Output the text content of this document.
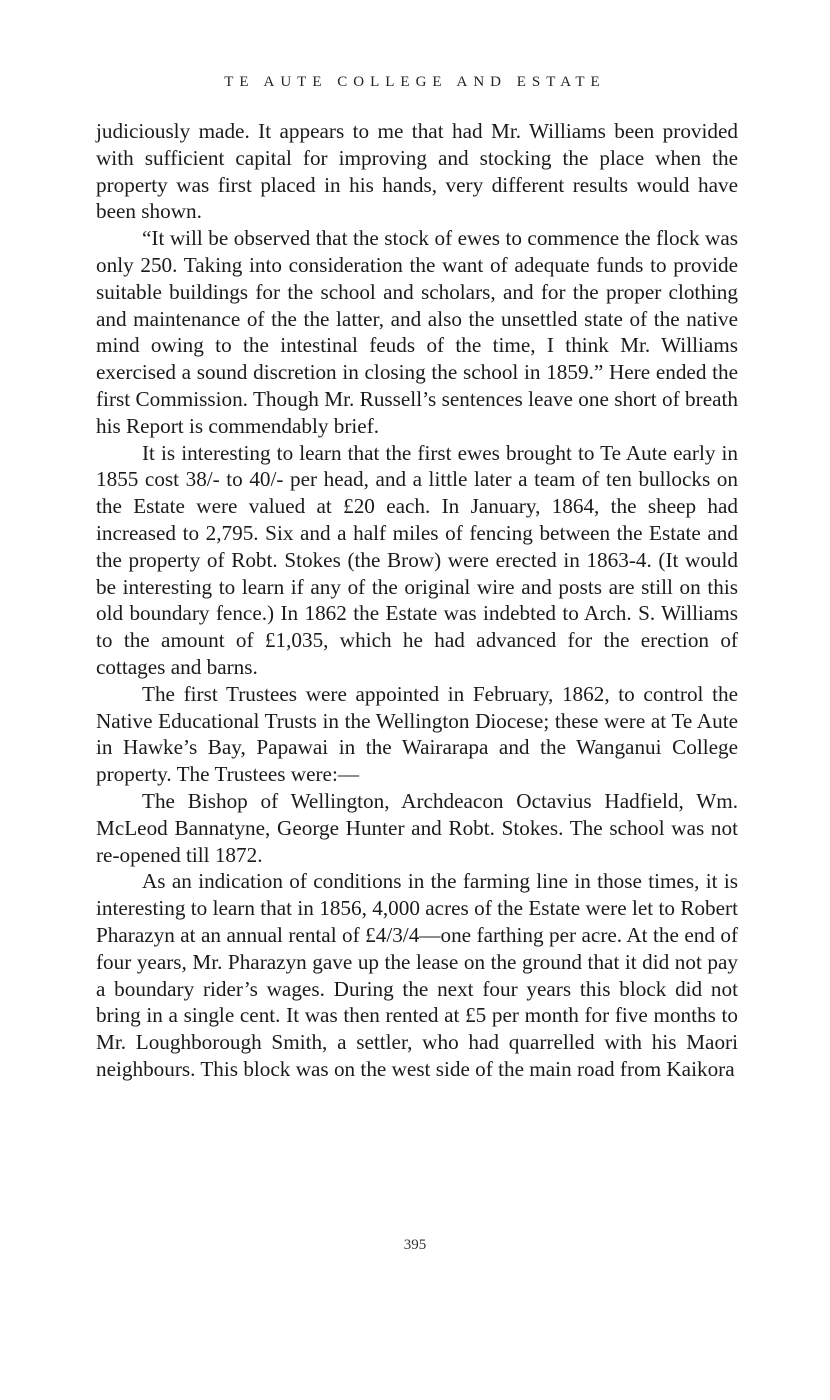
TE AUTE COLLEGE AND ESTATE

judiciously made. It appears to me that had Mr. Williams been provided with sufficient capital for improving and stocking the place when the property was first placed in his hands, very different results would have been shown.

“It will be observed that the stock of ewes to commence the flock was only 250. Taking into consideration the want of adequate funds to provide suitable buildings for the school and scholars, and for the proper clothing and maintenance of the the latter, and also the unsettled state of the native mind owing to the intestinal feuds of the time, I think Mr. Williams exercised a sound discretion in closing the school in 1859.” Here ended the first Commission. Though Mr. Russell’s sentences leave one short of breath his Report is commendably brief.

It is interesting to learn that the first ewes brought to Te Aute early in 1855 cost 38/- to 40/- per head, and a little later a team of ten bullocks on the Estate were valued at £20 each. In January, 1864, the sheep had increased to 2,795. Six and a half miles of fencing between the Estate and the property of Robt. Stokes (the Brow) were erected in 1863-4. (It would be interesting to learn if any of the original wire and posts are still on this old boundary fence.) In 1862 the Estate was indebted to Arch. S. Williams to the amount of £1,035, which he had advanced for the erection of cottages and barns.

The first Trustees were appointed in February, 1862, to control the Native Educational Trusts in the Wellington Diocese; these were at Te Aute in Hawke’s Bay, Papawai in the Wairarapa and the Wanganui College property. The Trustees were:—

The Bishop of Wellington, Archdeacon Octavius Hadfield, Wm. McLeod Bannatyne, George Hunter and Robt. Stokes. The school was not re-opened till 1872.

As an indication of conditions in the farming line in those times, it is interesting to learn that in 1856, 4,000 acres of the Estate were let to Robert Pharazyn at an annual rental of £4/3/4—one farthing per acre. At the end of four years, Mr. Pharazyn gave up the lease on the ground that it did not pay a boundary rider’s wages. During the next four years this block did not bring in a single cent. It was then rented at £5 per month for five months to Mr. Loughborough Smith, a settler, who had quarrelled with his Maori neighbours. This block was on the west side of the main road from Kaikora

395
